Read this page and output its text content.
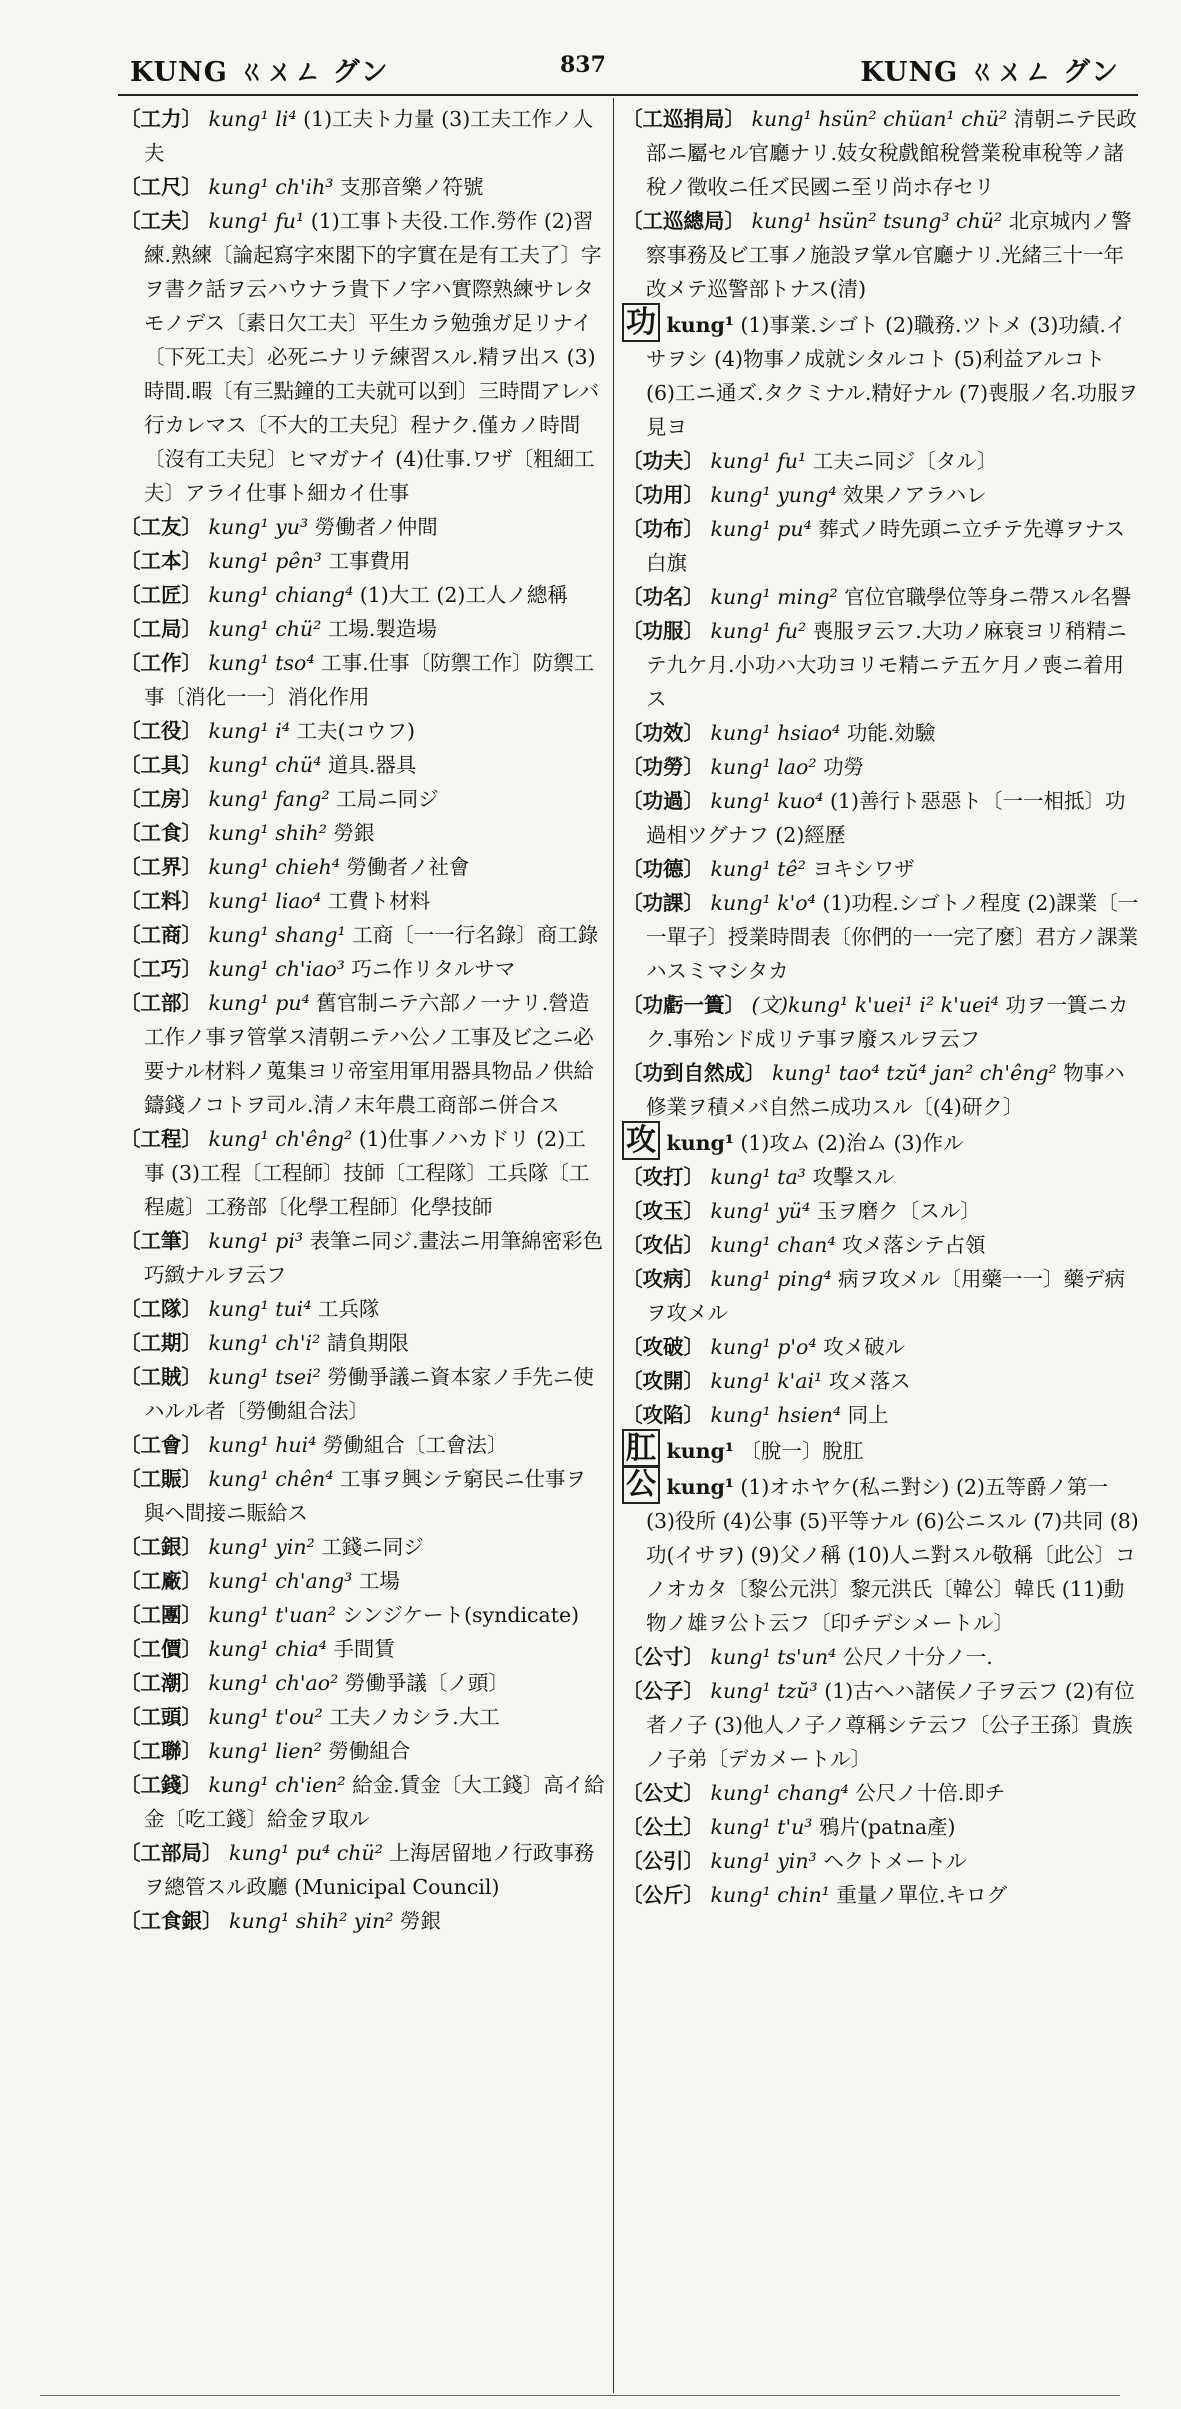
KUNG ㄍㄨㄥ グン	837	KUNG ㄍㄨㄥ グン

〔工力〕 kung¹ li⁴ (1)工夫ト力量 (3)工夫工作ノ人夫

〔工尺〕 kung¹ ch'ih³ 支那音樂ノ符號

〔工夫〕 kung¹ fu¹ (1)工事ト夫役.工作.勞作 (2)習練.熟練〔論起寫字來閣下的字實在是有工夫了〕字ヲ書ク話ヲ云ハウナラ貴下ノ字ハ實際熟練サレタモノデス〔素日欠工夫〕平生カラ勉強ガ足リナイ〔下死工夫〕必死ニナリテ練習スル.精ヲ出ス (3)時間.暇〔有三點鐘的工夫就可以到〕三時間アレバ行カレマス〔不大的工夫兒〕程ナク.僅カノ時間〔沒有工夫兒〕ヒマガナイ (4)仕事.ワザ〔粗細工夫〕アライ仕事ト細カイ仕事

〔工友〕 kung¹ yu³ 勞働者ノ仲間

〔工本〕 kung¹ pên³ 工事費用

〔工匠〕 kung¹ chiang⁴ (1)大工 (2)工人ノ總稱

〔工局〕 kung¹ chü² 工場.製造場

〔工作〕 kung¹ tso⁴ 工事.仕事〔防禦工作〕防禦工事〔消化一一〕消化作用

〔工役〕 kung¹ i⁴ 工夫(コウフ)

〔工具〕 kung¹ chü⁴ 道具.器具

〔工房〕 kung¹ fang² 工局ニ同ジ

〔工食〕 kung¹ shih² 勞銀

〔工界〕 kung¹ chieh⁴ 勞働者ノ社會

〔工料〕 kung¹ liao⁴ 工費ト材料

〔工商〕 kung¹ shang¹ 工商〔一一行名錄〕商工錄

〔工巧〕 kung¹ ch'iao³ 巧ニ作リタルサマ

〔工部〕 kung¹ pu⁴ 舊官制ニテ六部ノ一ナリ.營造工作ノ事ヲ管掌ス清朝ニテハ公ノ工事及ビ之ニ必要ナル材料ノ蒐集ヨリ帝室用軍用器具物品ノ供給鑄錢ノコトヲ司ル.清ノ末年農工商部ニ併合ス

〔工程〕 kung¹ ch'êng² (1)仕事ノハカドリ (2)工事 (3)工程〔工程師〕技師〔工程隊〕工兵隊〔工程處〕工務部〔化學工程師〕化學技師

〔工筆〕 kung¹ pi³ 表筆ニ同ジ.畫法ニ用筆綿密彩色巧緻ナルヲ云フ

〔工隊〕 kung¹ tui⁴ 工兵隊

〔工期〕 kung¹ ch'i² 請負期限

〔工賊〕 kung¹ tsei² 勞働爭議ニ資本家ノ手先ニ使ハルル者〔勞働組合法〕

〔工會〕 kung¹ hui⁴ 勞働組合〔工會法〕

〔工賑〕 kung¹ chên⁴ 工事ヲ興シテ窮民ニ仕事ヲ與ヘ間接ニ賑給ス

〔工銀〕 kung¹ yin² 工錢ニ同ジ

〔工廠〕 kung¹ ch'ang³ 工場

〔工團〕 kung¹ t'uan² シンジケート(syndicate)

〔工價〕 kung¹ chia⁴ 手間賃

〔工潮〕 kung¹ ch'ao² 勞働爭議〔ノ頭〕

〔工頭〕 kung¹ t'ou² 工夫ノカシラ.大工

〔工聯〕 kung¹ lien² 勞働組合

〔工錢〕 kung¹ ch'ien² 給金.賃金〔大工錢〕高イ給金〔吃工錢〕給金ヲ取ル

〔工部局〕 kung¹ pu⁴ chü² 上海居留地ノ行政事務ヲ總管スル政廳 (Municipal Council)

〔工食銀〕 kung¹ shih² yin² 勞銀

〔工巡捐局〕 kung¹ hsün² chüan¹ chü² 清朝ニテ民政部ニ屬セル官廳ナリ.妓女稅戲館稅營業稅車稅等ノ諸稅ノ徵收ニ任ズ民國ニ至リ尚ホ存セリ

〔工巡總局〕 kung¹ hsün² tsung³ chü² 北京城内ノ警察事務及ビ工事ノ施設ヲ掌ル官廳ナリ.光緒三十一年改メテ巡警部トナス(清)

功 kung¹ (1)事業.シゴト (2)職務.ツトメ (3)功績.イサヲシ (4)物事ノ成就シタルコト (5)利益アルコト (6)工ニ通ズ.タクミナル.精好ナル (7)喪服ノ名.功服ヲ見ヨ

〔功夫〕 kung¹ fu¹ 工夫ニ同ジ〔タル〕

〔功用〕 kung¹ yung⁴ 效果ノアラハレ

〔功布〕 kung¹ pu⁴ 葬式ノ時先頭ニ立チテ先導ヲナス白旗

〔功名〕 kung¹ ming² 官位官職學位等身ニ帶スル名譽

〔功服〕 kung¹ fu² 喪服ヲ云フ.大功ノ麻衰ヨリ稍精ニテ九ケ月.小功ハ大功ヨリモ精ニテ五ケ月ノ喪ニ着用ス

〔功效〕 kung¹ hsiao⁴ 功能.効驗

〔功勞〕 kung¹ lao² 功勞

〔功過〕 kung¹ kuo⁴ (1)善行ト惡惡ト〔一一相抵〕功過相ツグナフ (2)經歷

〔功德〕 kung¹ tê² ヨキシワザ

〔功課〕 kung¹ k'o⁴ (1)功程.シゴトノ程度 (2)課業〔一一單子〕授業時間表〔你們的一一完了麼〕君方ノ課業ハスミマシタカ

〔功虧一簣〕 (文)kung¹ k'uei¹ i² k'uei⁴ 功ヲ一簣ニカク.事殆ンド成リテ事ヲ廢スルヲ云フ

〔功到自然成〕 kung¹ tao⁴ tzŭ⁴ jan² ch'êng² 物事ハ修業ヲ積メバ自然ニ成功スル〔(4)研ク〕

攻 kung¹ (1)攻ム (2)治ム (3)作ル

〔攻打〕 kung¹ ta³ 攻擊スル

〔攻玉〕 kung¹ yü⁴ 玉ヲ磨ク〔スル〕

〔攻佔〕 kung¹ chan⁴ 攻メ落シテ占領

〔攻病〕 kung¹ ping⁴ 病ヲ攻メル〔用藥一一〕藥デ病ヲ攻メル

〔攻破〕 kung¹ p'o⁴ 攻メ破ル

〔攻開〕 kung¹ k'ai¹ 攻メ落ス

〔攻陷〕 kung¹ hsien⁴ 同上

肛 kung¹ 〔脫一〕脫肛

公 kung¹ (1)オホヤケ(私ニ對シ) (2)五等爵ノ第一 (3)役所 (4)公事 (5)平等ナル (6)公ニスル (7)共同 (8)功(イサヲ) (9)父ノ稱 (10)人ニ對スル敬稱〔此公〕コノオカタ〔黎公元洪〕黎元洪氏〔韓公〕韓氏 (11)動物ノ雄ヲ公ト云フ〔印チデシメートル〕

〔公寸〕 kung¹ ts'un⁴ 公尺ノ十分ノ一.

〔公子〕 kung¹ tzŭ³ (1)古ヘハ諸侯ノ子ヲ云フ (2)有位者ノ子 (3)他人ノ子ノ尊稱シテ云フ〔公子王孫〕貴族ノ子弟〔デカメートル〕

〔公丈〕 kung¹ chang⁴ 公尺ノ十倍.即チ

〔公土〕 kung¹ t'u³ 鴉片(patna產)

〔公引〕 kung¹ yin³ ヘクトメートル

〔公斤〕 kung¹ chin¹ 重量ノ單位.キログ
